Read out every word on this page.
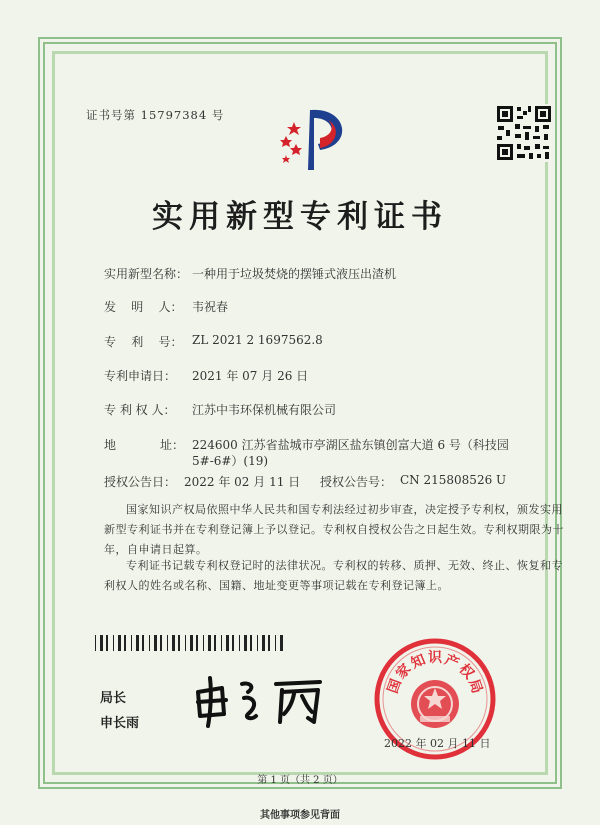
证书号第 15797384 号
实用新型专利证书
实用新型名称： 一种用于垃圾焚烧的摆锤式液压出渣机
发    明    人： 韦祝春
专    利    号： ZL 2021 2 1697562.8
专利申请日： 2021 年 07 月 26 日
专 利 权 人： 江苏中韦环保机械有限公司
地	址： 224600 江苏省盐城市亭湖区盐东镇创富大道 6 号（科技园
5#-6#）(19)
授权公告日： 2022 年 02 月 11 日 授权公告号： CN 215808526 U
国家知识产权局依照中华人民共和国专利法经过初步审查，决定授予专利权，颁发实用
新型专利证书并在专利登记簿上予以登记。专利权自授权公告之日起生效。专利权期限为十
年，自申请日起算。
专利证书记载专利权登记时的法律状况。专利权的转移、质押、无效、终止、恢复和专
利权人的姓名或名称、国籍、地址变更等事项记载在专利登记簿上。
局长
申长雨
国
家
知 识 产
权
局
2022 年 02 月 11 日
第 1 页（共 2 页）
其他事项参见背面
